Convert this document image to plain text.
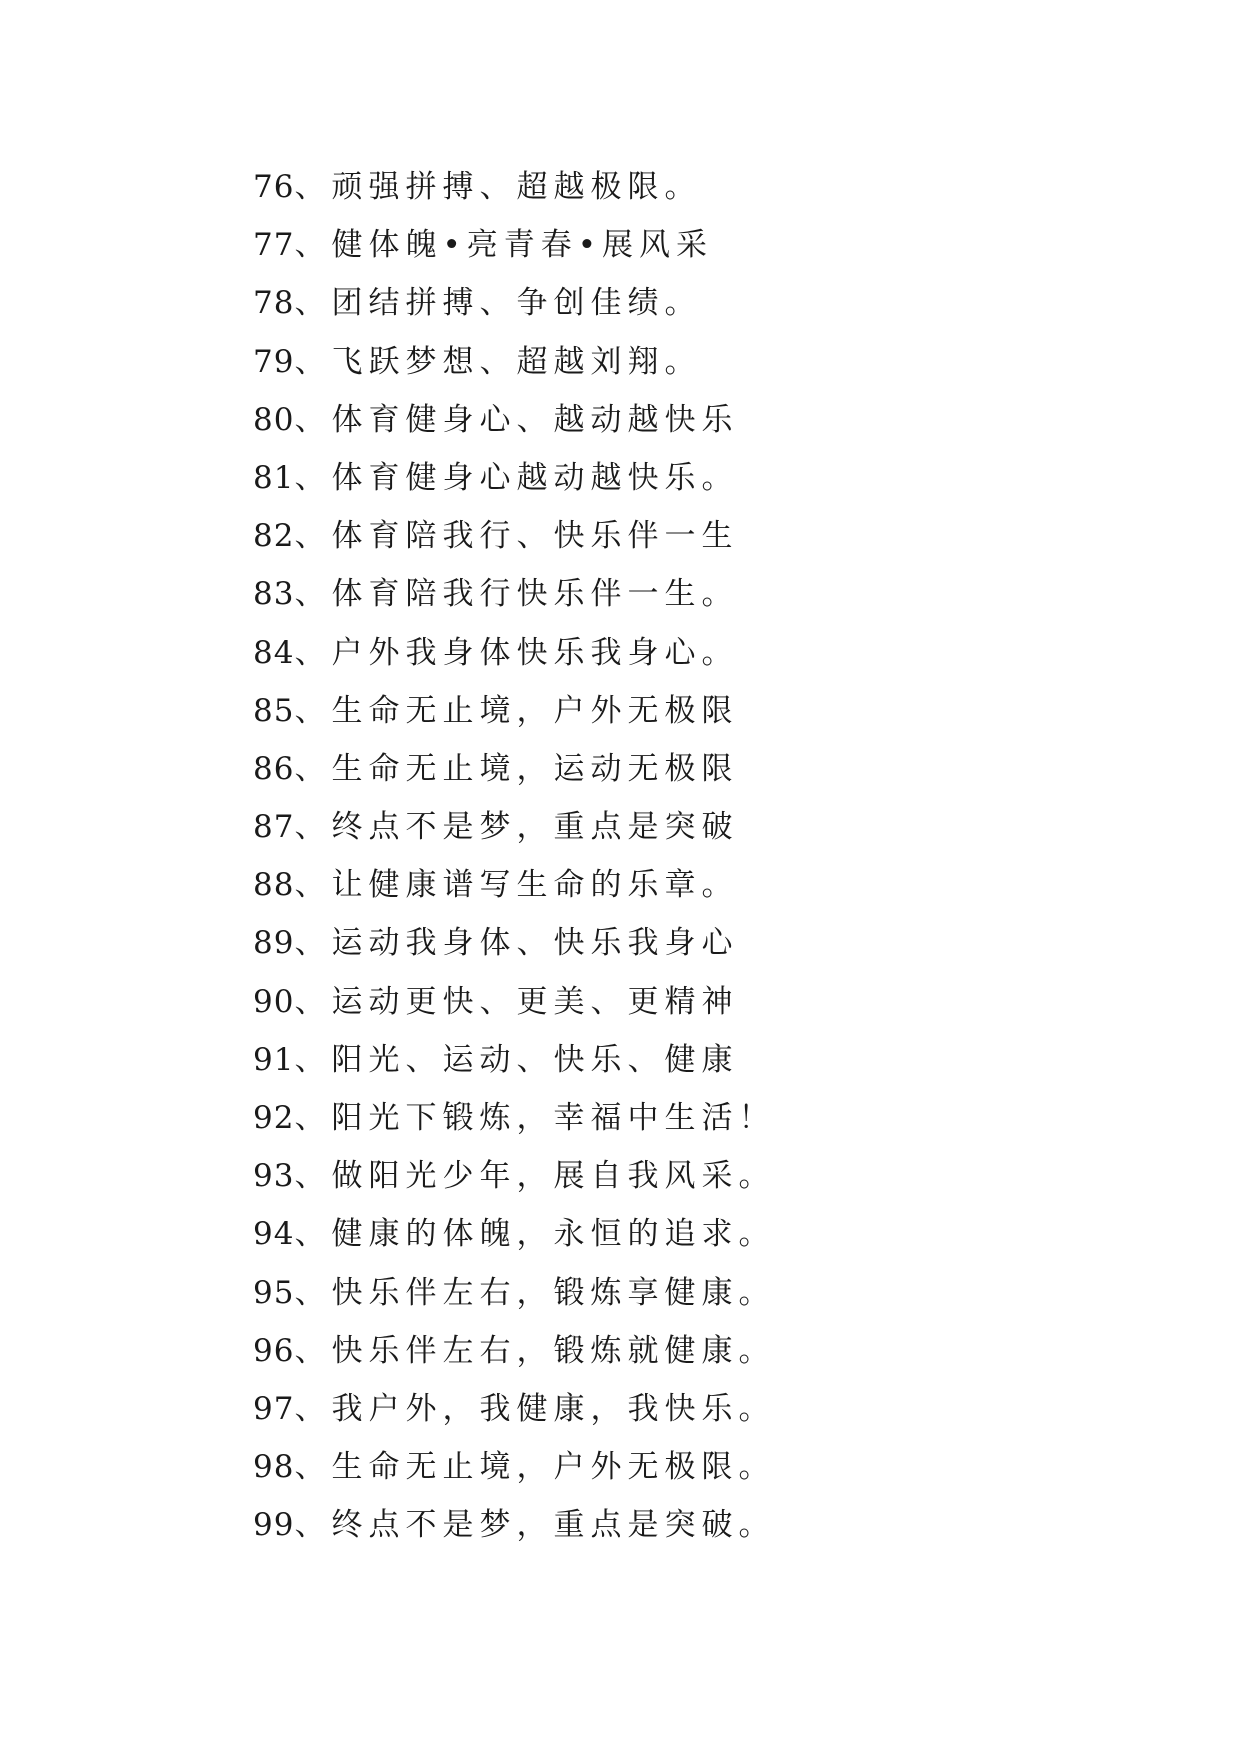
76、顽强拼搏、超越极限。
77、健体魄•亮青春•展风采
78、团结拼搏、争创佳绩。
79、飞跃梦想、超越刘翔。
80、体育健身心、越动越快乐
81、体育健身心越动越快乐。
82、体育陪我行、快乐伴一生
83、体育陪我行快乐伴一生。
84、户外我身体快乐我身心。
85、生命无止境，户外无极限
86、生命无止境，运动无极限
87、终点不是梦，重点是突破
88、让健康谱写生命的乐章。
89、运动我身体、快乐我身心
90、运动更快、更美、更精神
91、阳光、运动、快乐、健康
92、阳光下锻炼，幸福中生活！
93、做阳光少年，展自我风采。
94、健康的体魄，永恒的追求。
95、快乐伴左右，锻炼享健康。
96、快乐伴左右，锻炼就健康。
97、我户外，我健康，我快乐。
98、生命无止境，户外无极限。
99、终点不是梦，重点是突破。
